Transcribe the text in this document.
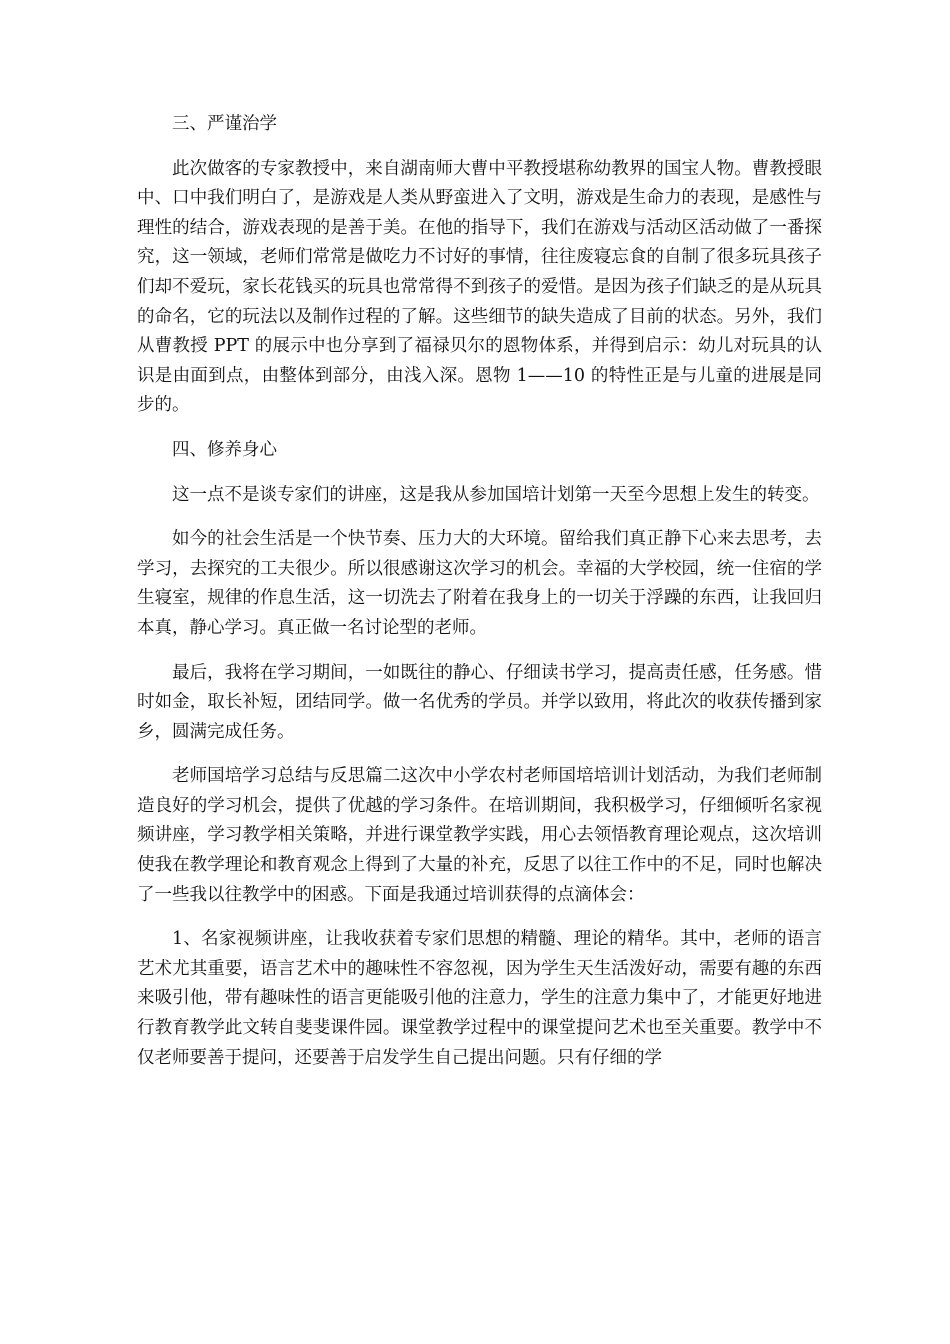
三、严谨治学

此次做客的专家教授中，来自湖南师大曹中平教授堪称幼教界的国宝人物。曹教授眼中、口中我们明白了，是游戏是人类从野蛮进入了文明，游戏是生命力的表现，是感性与理性的结合，游戏表现的是善于美。在他的指导下，我们在游戏与活动区活动做了一番探究，这一领域，老师们常常是做吃力不讨好的事情，往往废寝忘食的自制了很多玩具孩子们却不爱玩，家长花钱买的玩具也常常得不到孩子的爱惜。是因为孩子们缺乏的是从玩具的命名，它的玩法以及制作过程的了解。这些细节的缺失造成了目前的状态。另外，我们从曹教授 PPT 的展示中也分享到了福禄贝尔的恩物体系，并得到启示：幼儿对玩具的认识是由面到点，由整体到部分，由浅入深。恩物 1——10 的特性正是与儿童的进展是同步的。

四、修养身心

这一点不是谈专家们的讲座，这是我从参加国培计划第一天至今思想上发生的转变。

如今的社会生活是一个快节奏、压力大的大环境。留给我们真正静下心来去思考，去学习，去探究的工夫很少。所以很感谢这次学习的机会。幸福的大学校园，统一住宿的学生寝室，规律的作息生活，这一切洗去了附着在我身上的一切关于浮躁的东西，让我回归本真，静心学习。真正做一名讨论型的老师。

最后，我将在学习期间，一如既往的静心、仔细读书学习，提高责任感，任务感。惜时如金，取长补短，团结同学。做一名优秀的学员。并学以致用，将此次的收获传播到家乡，圆满完成任务。

老师国培学习总结与反思篇二这次中小学农村老师国培培训计划活动，为我们老师制造良好的学习机会，提供了优越的学习条件。在培训期间，我积极学习，仔细倾听名家视频讲座，学习教学相关策略，并进行课堂教学实践，用心去领悟教育理论观点，这次培训使我在教学理论和教育观念上得到了大量的补充，反思了以往工作中的不足，同时也解决了一些我以往教学中的困惑。下面是我通过培训获得的点滴体会：

1、名家视频讲座，让我收获着专家们思想的精髓、理论的精华。其中，老师的语言艺术尤其重要，语言艺术中的趣味性不容忽视，因为学生天生活泼好动，需要有趣的东西来吸引他，带有趣味性的语言更能吸引他的注意力，学生的注意力集中了，才能更好地进行教育教学此文转自斐斐课件园。课堂教学过程中的课堂提问艺术也至关重要。教学中不仅老师要善于提问，还要善于启发学生自己提出问题。只有仔细的学
